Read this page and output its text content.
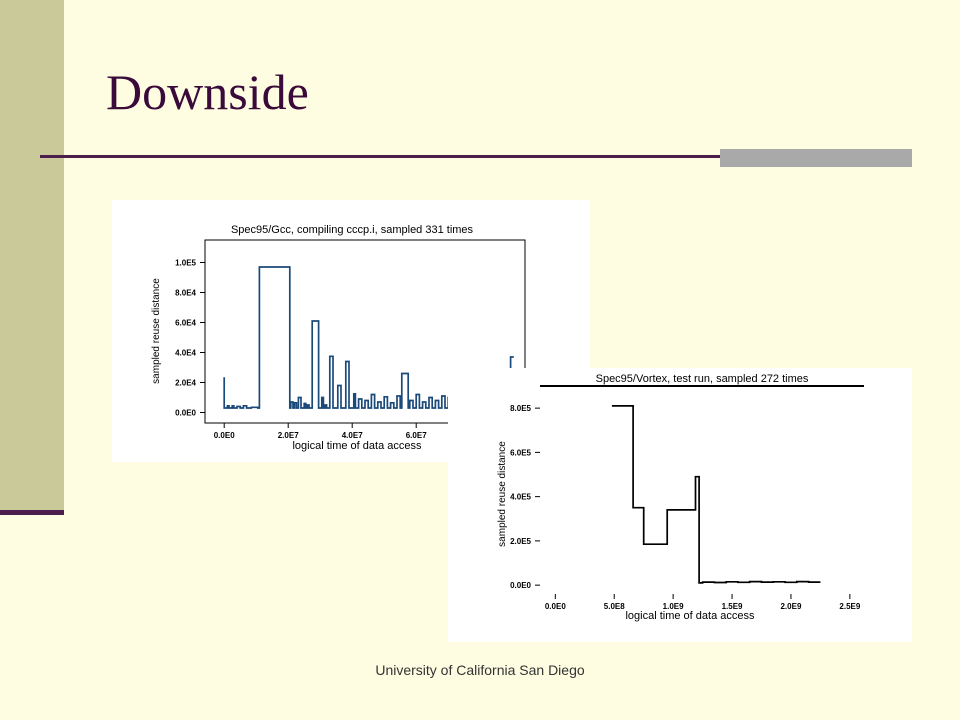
Downside
Spec95/Gcc, compiling cccp.i, sampled 331 times
0.0E0
2.0E4
4.0E4
6.0E4
8.0E4
1.0E5
0.0E0	2.0E7	4.0E7	6.0E7
logical time of data access
sampled reuse distance	Spec95/Vortex, test run, sampled 272 times
0.0E0
2.0E5
4.0E5
6.0E5
8.0E5
0.0E0	5.0E8	1.0E9	1.5E9	2.0E9	2.5E9
logical time of data access
sampled reuse distance
University of California San Diego
